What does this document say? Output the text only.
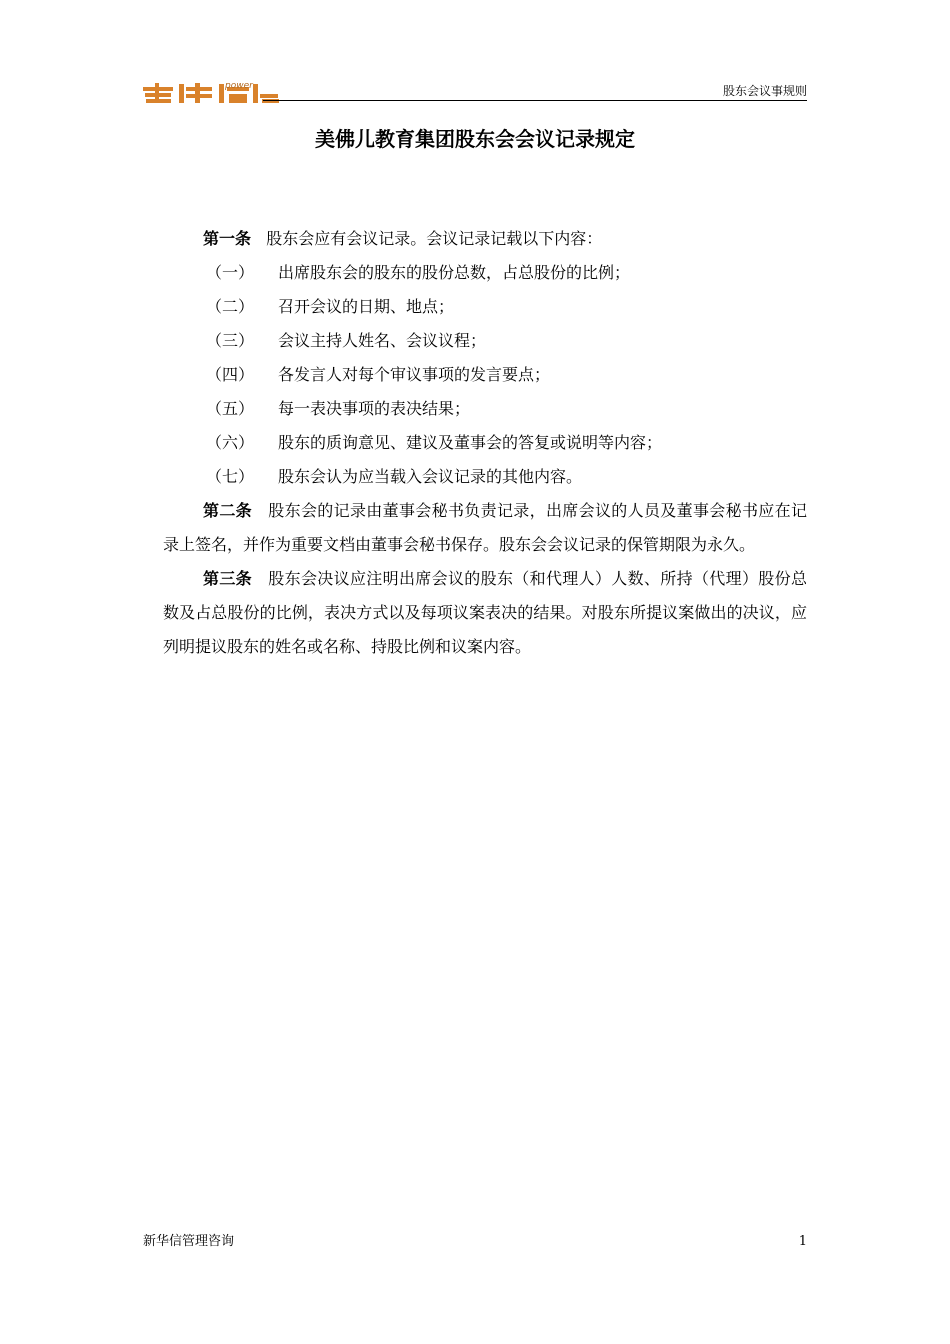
power	股东会议事规则
美佛儿教育集团股东会会议记录规定

第一条 股东会应有会议记录。会议记录记载以下内容：

（一） 出席股东会的股东的股份总数，占总股份的比例；

（二） 召开会议的日期、地点；

（三） 会议主持人姓名、会议议程；

（四） 各发言人对每个审议事项的发言要点；

（五） 每一表决事项的表决结果；

（六） 股东的质询意见、建议及董事会的答复或说明等内容；

（七） 股东会认为应当载入会议记录的其他内容。

第二条 股东会的记录由董事会秘书负责记录，出席会议的人员及董事会秘书应在记录上签名，并作为重要文档由董事会秘书保存。股东会会议记录的保管期限为永久。

第三条 股东会决议应注明出席会议的股东（和代理人）人数、所持（代理）股份总数及占总股份的比例，表决方式以及每项议案表决的结果。对股东所提议案做出的决议，应列明提议股东的姓名或名称、持股比例和议案内容。

新华信管理咨询	1
